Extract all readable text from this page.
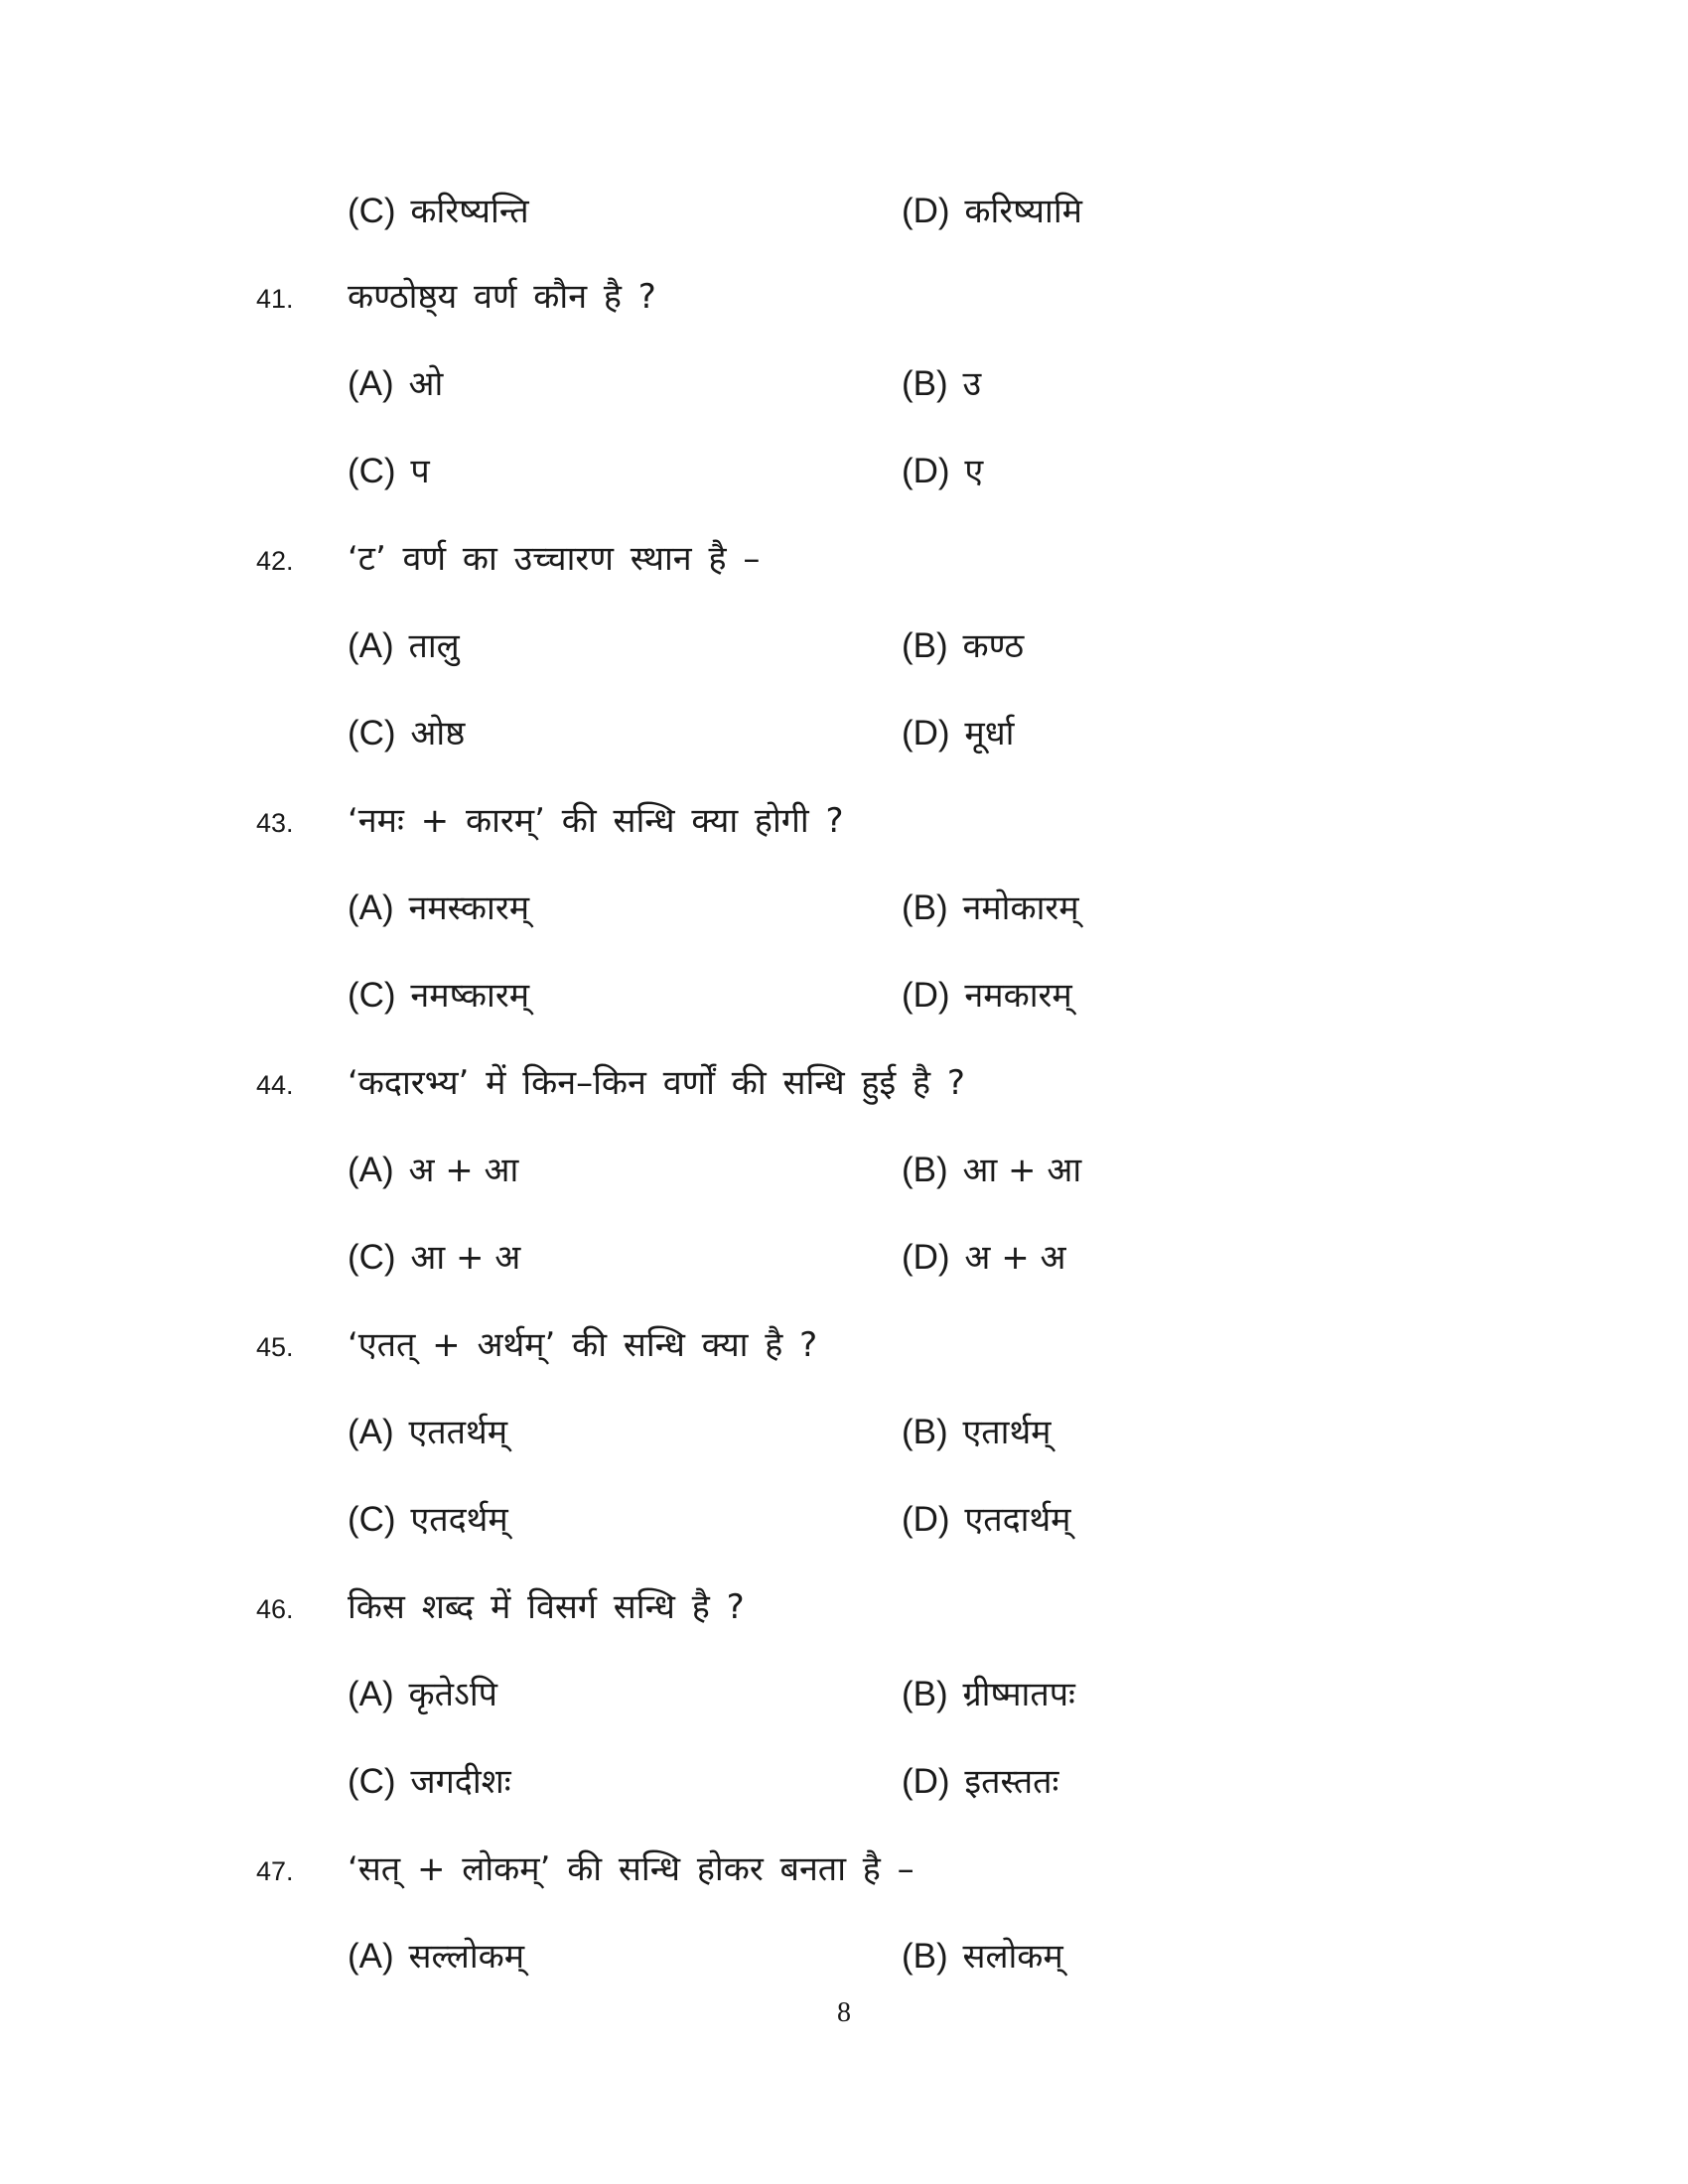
(C) करिष्यन्ति	(D) करिष्यामि
41. कण्ठोष्ठ्य वर्ण कौन है ?
(A) ओ	(B) उ
(C) प	(D) ए
42. ‘ट’ वर्ण का उच्चारण स्थान है –
(A) तालु	(B) कण्ठ
(C) ओष्ठ	(D) मूर्धा
43. ‘नमः + कारम्’ की सन्धि क्या होगी ?
(A) नमस्कारम्	(B) नमोकारम्
(C) नमष्कारम्	(D) नमकारम्
44. ‘कदारभ्य’ में किन–किन वर्णों की सन्धि हुई है ?
(A) अ + आ	(B) आ + आ
(C) आ + अ	(D) अ + अ
45. ‘एतत् + अर्थम्’ की सन्धि क्या है ?
(A) एततर्थम्	(B) एतार्थम्
(C) एतदर्थम्	(D) एतदार्थम्
46. किस शब्द में विसर्ग सन्धि है ?
(A) कृतेऽपि	(B) ग्रीष्मातपः
(C) जगदीशः	(D) इतस्ततः
47. ‘सत् + लोकम्’ की सन्धि होकर बनता है –
(A) सल्लोकम्	(B) सलोकम्
8
